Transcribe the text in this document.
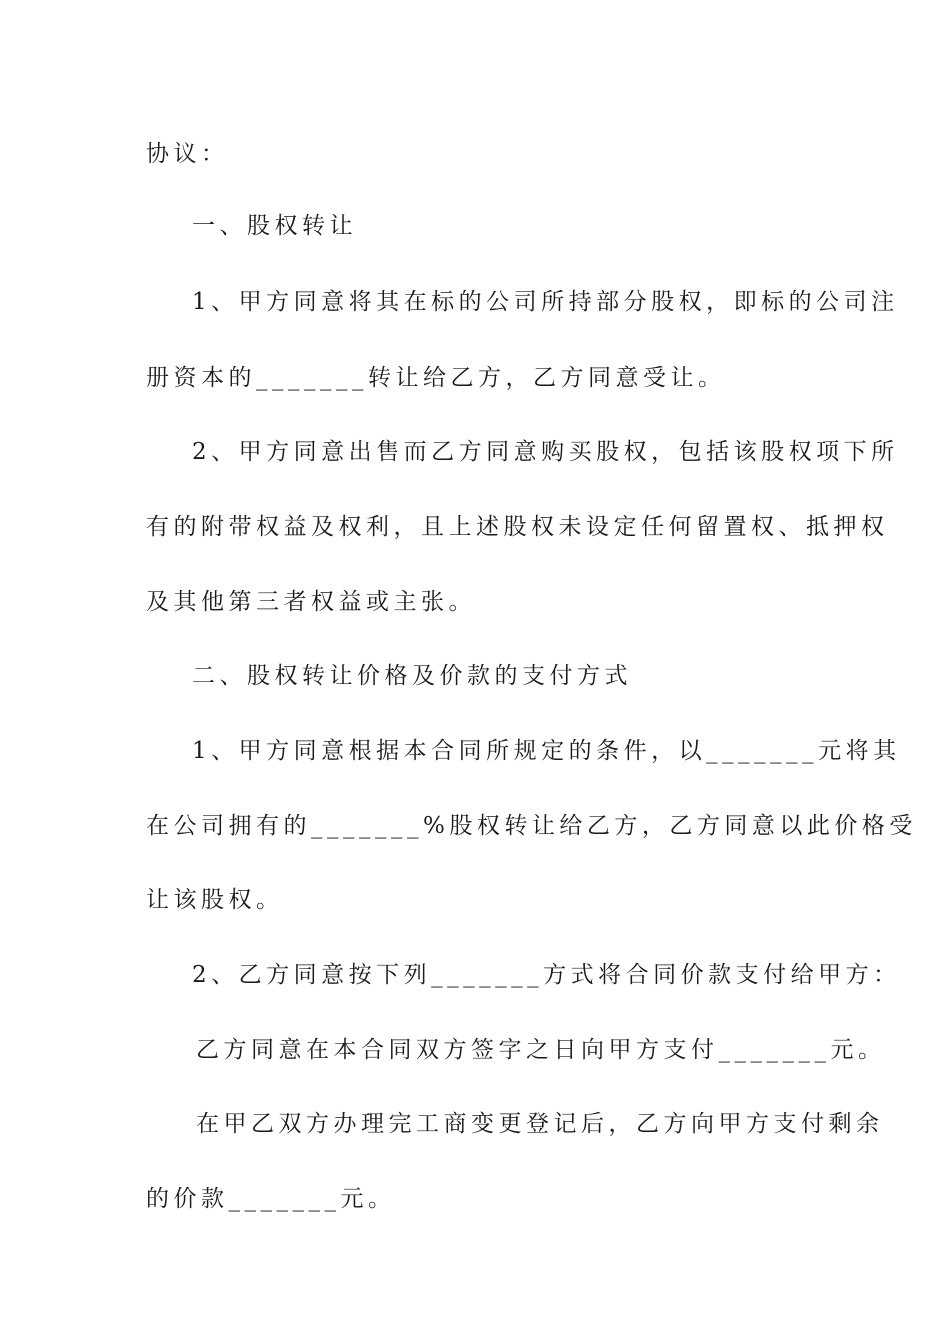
协议：

一、股权转让

1、甲方同意将其在标的公司所持部分股权，即标的公司注

册资本的_______转让给乙方，乙方同意受让。

2、甲方同意出售而乙方同意购买股权，包括该股权项下所

有的附带权益及权利，且上述股权未设定任何留置权、抵押权

及其他第三者权益或主张。

二、股权转让价格及价款的支付方式

1、甲方同意根据本合同所规定的条件，以_______元将其

在公司拥有的_______%股权转让给乙方，乙方同意以此价格受

让该股权。

2、乙方同意按下列_______方式将合同价款支付给甲方：

乙方同意在本合同双方签字之日向甲方支付_______元。

在甲乙双方办理完工商变更登记后，乙方向甲方支付剩余

的价款_______元。
